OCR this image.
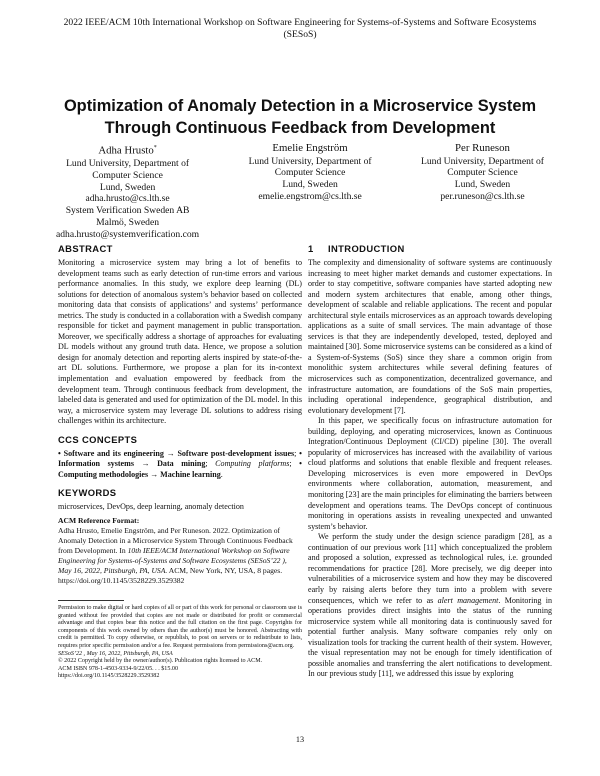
2022 IEEE/ACM 10th International Workshop on Software Engineering for Systems-of-Systems and Software Ecosystems
(SESoS)
Optimization of Anomaly Detection in a Microservice System
Through Continuous Feedback from Development
Adha Hrusto*
Lund University, Department of
Computer Science
Lund, Sweden
adha.hrusto@cs.lth.se
System Verification Sweden AB
Malmö, Sweden
adha.hrusto@systemverification.com
Emelie Engström
Lund University, Department of
Computer Science
Lund, Sweden
emelie.engstrom@cs.lth.se
Per Runeson
Lund University, Department of
Computer Science
Lund, Sweden
per.runeson@cs.lth.se
ABSTRACT

Monitoring a microservice system may bring a lot of benefits to development teams such as early detection of run-time errors and various performance anomalies. In this study, we explore deep learning (DL) solutions for detection of anomalous system’s behavior based on collected monitoring data that consists of applications’ and systems’ performance metrics. The study is conducted in a collaboration with a Swedish company responsible for ticket and payment management in public transportation. Moreover, we specifically address a shortage of approaches for evaluating DL models without any ground truth data. Hence, we propose a solution design for anomaly detection and reporting alerts inspired by state-of-the-art DL solutions. Furthermore, we propose a plan for its in-context implementation and evaluation empowered by feedback from the development team. Through continuous feedback from development, the labeled data is generated and used for optimization of the DL model. In this way, a microservice system may leverage DL solutions to address rising challenges within its architecture.

CCS CONCEPTS

• Software and its engineering → Software post-development issues; • Information systems → Data mining; Computing platforms; • Computing methodologies → Machine learning.

KEYWORDS

microservices, DevOps, deep learning, anomaly detection

ACM Reference Format:

Adha Hrusto, Emelie Engström, and Per Runeson. 2022. Optimization of Anomaly Detection in a Microservice System Through Continuous Feedback from Development. In 10th IEEE/ACM International Workshop on Software Engineering for Systems-of-Systems and Software Ecosystems (SESoS’22 ), May 16, 2022, Pittsburgh, PA, USA. ACM, New York, NY, USA, 8 pages. https://doi.org/10.1145/3528229.3529382

Permission to make digital or hard copies of all or part of this work for personal or classroom use is granted without fee provided that copies are not made or distributed for profit or commercial advantage and that copies bear this notice and the full citation on the first page. Copyrights for components of this work owned by others than the author(s) must be honored. Abstracting with credit is permitted. To copy otherwise, or republish, to post on servers or to redistribute to lists, requires prior specific permission and/or a fee. Request permissions from permissions@acm.org.

SESoS’22 , May 16, 2022, Pittsburgh, PA, USA
© 2022 Copyright held by the owner/author(s). Publication rights licensed to ACM.
ACM ISBN 978-1-4503-9334-9/22/05. . . $15.00
https://doi.org/10.1145/3528229.3529382
1 INTRODUCTION

The complexity and dimensionality of software systems are continuously increasing to meet higher market demands and customer expectations. In order to stay competitive, software companies have started adopting new and modern system architectures that enable, among other things, development of scalable and reliable applications. The recent and popular architectural style entails microservices as an approach towards developing applications as a suite of small services. The main advantage of those services is that they are independently developed, tested, deployed and maintained [30]. Some microservice systems can be considered as a kind of a System-of-Systems (SoS) since they share a common origin from monolithic system architectures while several defining features of microservices such as componentization, decentralized governance, and infrastructure automation, are foundations of the SoS main properties, including operational independence, geographical distribution, and evolutionary development [7].

In this paper, we specifically focus on infrastructure automation for building, deploying, and operating microservices, known as Continuous Integration/Continuous Deployment (CI/CD) pipeline [30]. The overall popularity of microservices has increased with the availability of various cloud platforms and solutions that enable flexible and frequent releases. Developing microservices is even more empowered in DevOps environments where collaboration, automation, measurement, and monitoring [23] are the main principles for eliminating the barriers between development and operations teams. The DevOps concept of continuous monitoring in operations assists in revealing unexpected and unwanted system’s behavior.

We perform the study under the design science paradigm [28], as a continuation of our previous work [11] which conceptualized the problem and proposed a solution, expressed as technological rules, i.e. grounded recommendations for practice [28]. More precisely, we dig deeper into vulnerabilities of a microservice system and how they may be discovered early by raising alerts before they turn into a problem with severe consequences, which we refer to as alert management. Monitoring in operations provides direct insights into the status of the running microservice system while all monitoring data is continuously saved for potential further analysis. Many software companies rely only on visualization tools for tracking the current health of their system. However, the visual representation may not be enough for timely identification of possible anomalies and transferring the alert notifications to development. In our previous study [11], we addressed this issue by exploring

13
